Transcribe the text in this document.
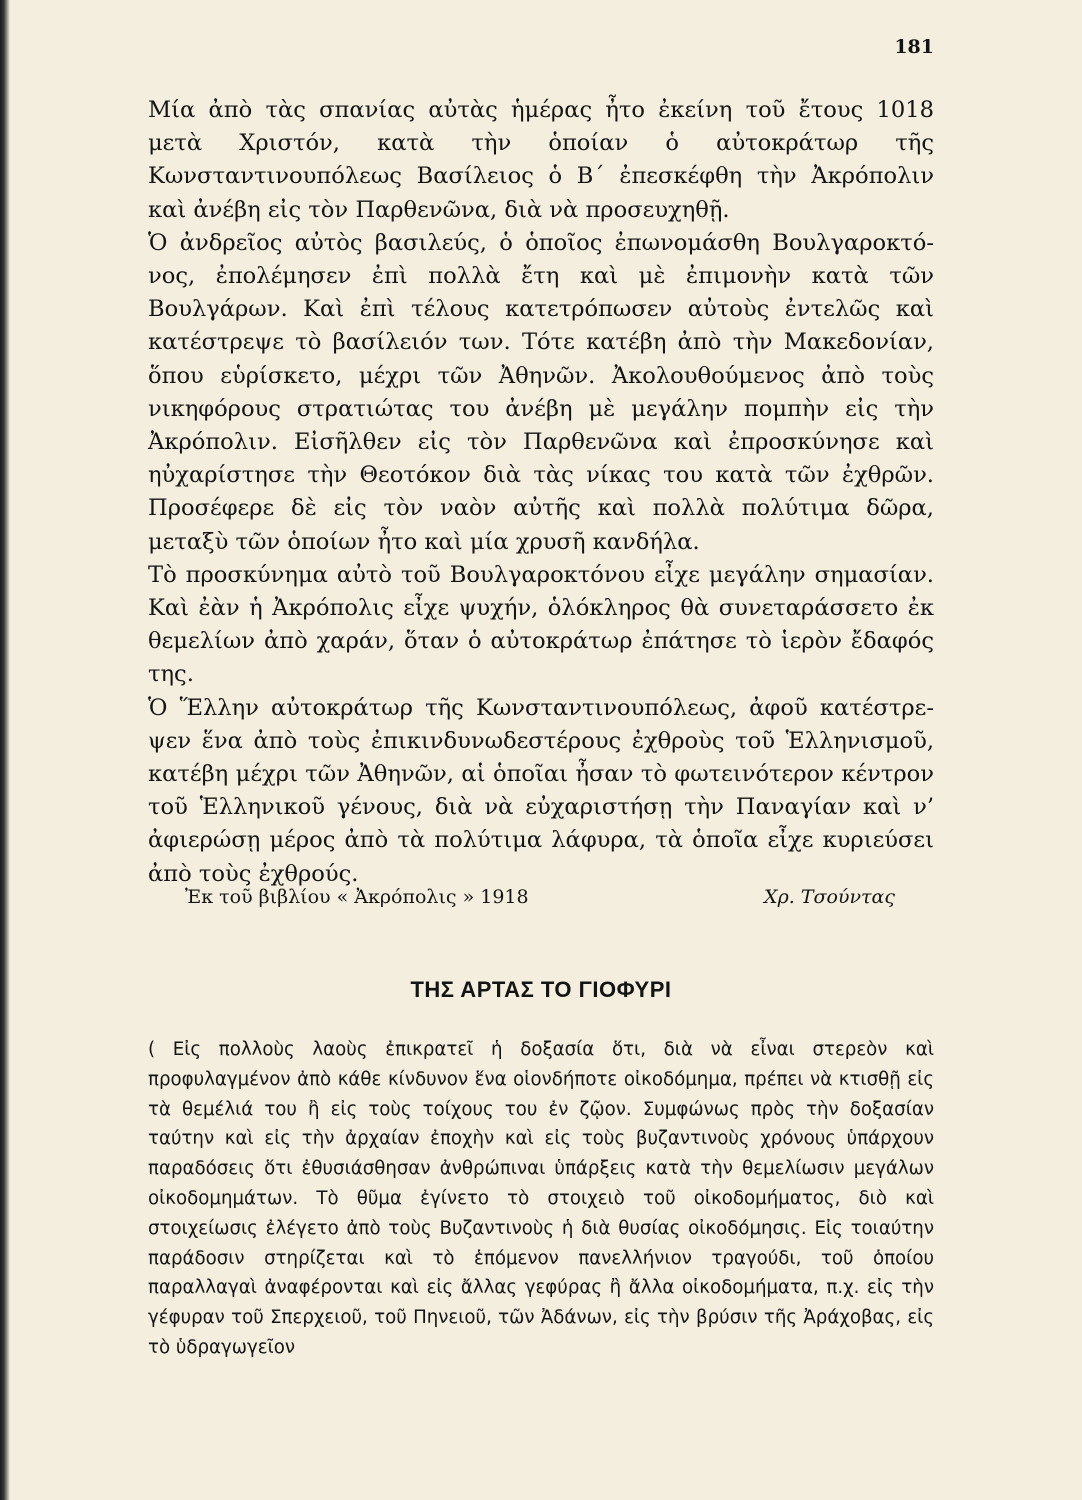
181

Μία ἀπὸ τὰς σπανίας αὐτὰς ἡμέρας ἦτο ἐκείνη τοῦ ἔτους 1018 μετὰ Χριστόν, κατὰ τὴν ὁποίαν ὁ αὐτοκράτωρ τῆς Κωνσταντινουπόλεως Βασίλειος ὁ Β΄ ἐπεσκέφθη τὴν Ἀκρόπολιν καὶ ἀνέβη εἰς τὸν Παρθενῶνα, διὰ νὰ προσευχηθῇ.

Ὁ ἀνδρεῖος αὐτὸς βασιλεύς, ὁ ὁποῖος ἐπωνομάσθη Βουλγαροκτόνος, ἐπολέμησεν ἐπὶ πολλὰ ἔτη καὶ μὲ ἐπιμονὴν κατὰ τῶν Βουλγάρων. Καὶ ἐπὶ τέλους κατετρόπωσεν αὐτοὺς ἐντελῶς καὶ κατέστρεψε τὸ βασίλειόν των. Τότε κατέβη ἀπὸ τὴν Μακεδονίαν, ὅπου εὑρίσκετο, μέχρι τῶν Ἀθηνῶν. Ἀκολουθούμενος ἀπὸ τοὺς νικηφόρους στρατιώτας του ἀνέβη μὲ μεγάλην πομπὴν εἰς τὴν Ἀκρόπολιν. Εἰσῆλθεν εἰς τὸν Παρθενῶνα καὶ ἐπροσκύνησε καὶ ηὐχαρίστησε τὴν Θεοτόκον διὰ τὰς νίκας του κατὰ τῶν ἐχθρῶν. Προσέφερε δὲ εἰς τὸν ναὸν αὐτῆς καὶ πολλὰ πολύτιμα δῶρα, μεταξὺ τῶν ὁποίων ἦτο καὶ μία χρυσῆ κανδήλα.

Τὸ προσκύνημα αὐτὸ τοῦ Βουλγαροκτόνου εἶχε μεγάλην σημασίαν. Καὶ ἐὰν ἡ Ἀκρόπολις εἶχε ψυχήν, ὁλόκληρος θὰ συνεταράσσετο ἐκ θεμελίων ἀπὸ χαράν, ὅταν ὁ αὐτοκράτωρ ἐπάτησε τὸ ἱερὸν ἔδαφός της.

Ὁ Ἕλλην αὐτοκράτωρ τῆς Κωνσταντινουπόλεως, ἀφοῦ κατέστρεψεν ἕνα ἀπὸ τοὺς ἐπικινδυνωδεστέρους ἐχθροὺς τοῦ Ἑλληνισμοῦ, κατέβη μέχρι τῶν Ἀθηνῶν, αἱ ὁποῖαι ἦσαν τὸ φωτεινότερον κέντρον τοῦ Ἑλληνικοῦ γένους, διὰ νὰ εὐχαριστήσῃ τὴν Παναγίαν καὶ ν’ ἀφιερώσῃ μέρος ἀπὸ τὰ πολύτιμα λάφυρα, τὰ ὁποῖα εἶχε κυριεύσει ἀπὸ τοὺς ἐχθρούς.

Ἐκ τοῦ βιβλίου « Ἀκρόπολις » 1918	Χρ. Τσούντας
ΤΗΣ ΑΡΤΑΣ ΤΟ ΓΙΟΦΥΡΙ

( Εἰς πολλοὺς λαοὺς ἐπικρατεῖ ἡ δοξασία ὅτι, διὰ νὰ εἶναι στερεὸν καὶ προφυλαγμένον ἀπὸ κάθε κίνδυνον ἕνα οἱονδήποτε οἰκοδόμημα, πρέπει νὰ κτισθῇ εἰς τὰ θεμέλιά του ἢ εἰς τοὺς τοίχους του ἐν ζῷον. Συμφώνως πρὸς τὴν δοξασίαν ταύτην καὶ εἰς τὴν ἀρχαίαν ἐποχὴν καὶ εἰς τοὺς βυζαντινοὺς χρόνους ὑπάρχουν παραδόσεις ὅτι ἐθυσιάσθησαν ἀνθρώπιναι ὑπάρξεις κατὰ τὴν θεμελίωσιν μεγάλων οἰκοδομημάτων. Τὸ θῦμα ἐγίνετο τὸ στοιχειὸ τοῦ οἰκοδομήματος, διὸ καὶ στοιχείωσις ἐλέγετο ἀπὸ τοὺς Βυζαντινοὺς ἡ διὰ θυσίας οἰκοδόμησις. Εἰς τοιαύτην παράδοσιν στηρίζεται καὶ τὸ ἑπόμενον πανελλήνιον τραγούδι, τοῦ ὁποίου παραλλαγαὶ ἀναφέρονται καὶ εἰς ἄλλας γεφύρας ἢ ἄλλα οἰκοδομήματα, π.χ. εἰς τὴν γέφυραν τοῦ Σπερχειοῦ, τοῦ Πηνειοῦ, τῶν Ἀδάνων, εἰς τὴν βρύσιν τῆς Ἀράχοβας, εἰς τὸ ὑδραγωγεῖον
